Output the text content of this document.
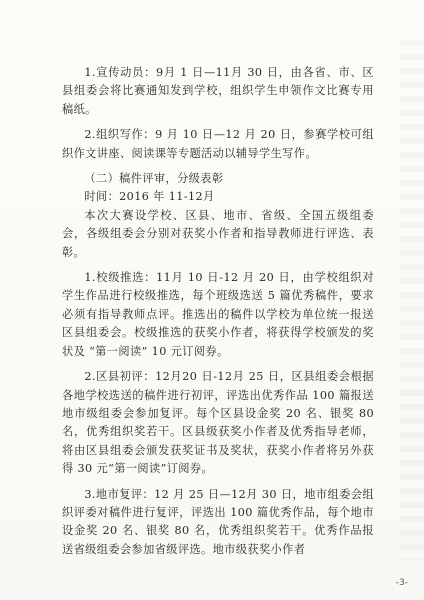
1.宣传动员：9月 1 日—11月 30 日，由各省、市、区县组委会将比赛通知发到学校，组织学生申领作文比赛专用稿纸。

2.组织写作：9 月 10 日—12 月 20 日，参赛学校可组织作文讲座、阅读课等专题活动以辅导学生写作。

（二）稿件评审，分级表彰

时间：2016 年 11-12月

本次大赛设学校、区县、地市、省级、全国五级组委会，各级组委会分别对获奖小作者和指导教师进行评选、表彰。

1.校级推选：11月 10 日-12 月 20 日，由学校组织对学生作品进行校级推选，每个班级选送 5 篇优秀稿件，要求必须有指导教师点评。推选出的稿件以学校为单位统一报送区县组委会。校级推选的获奖小作者，将获得学校颁发的奖状及 “第一阅读” 10 元订阅券。

2.区县初评：12月20 日-12月 25 日，区县组委会根据各地学校选送的稿件进行初评，评选出优秀作品 100 篇报送地市级组委会参加复评。每个区县设金奖 20 名、银奖 80 名，优秀组织奖若干。区县级获奖小作者及优秀指导老师，将由区县组委会颁发获奖证书及奖状，获奖小作者将另外获得 30 元“第一阅读”订阅券。

3.地市复评：12 月 25 日—12月 30 日，地市组委会组织评委对稿件进行复评，评选出 100 篇优秀作品，每个地市设金奖 20 名、银奖 80 名，优秀组织奖若干。优秀作品报送省级组委会参加省级评选。地市级获奖小作者

-3-
